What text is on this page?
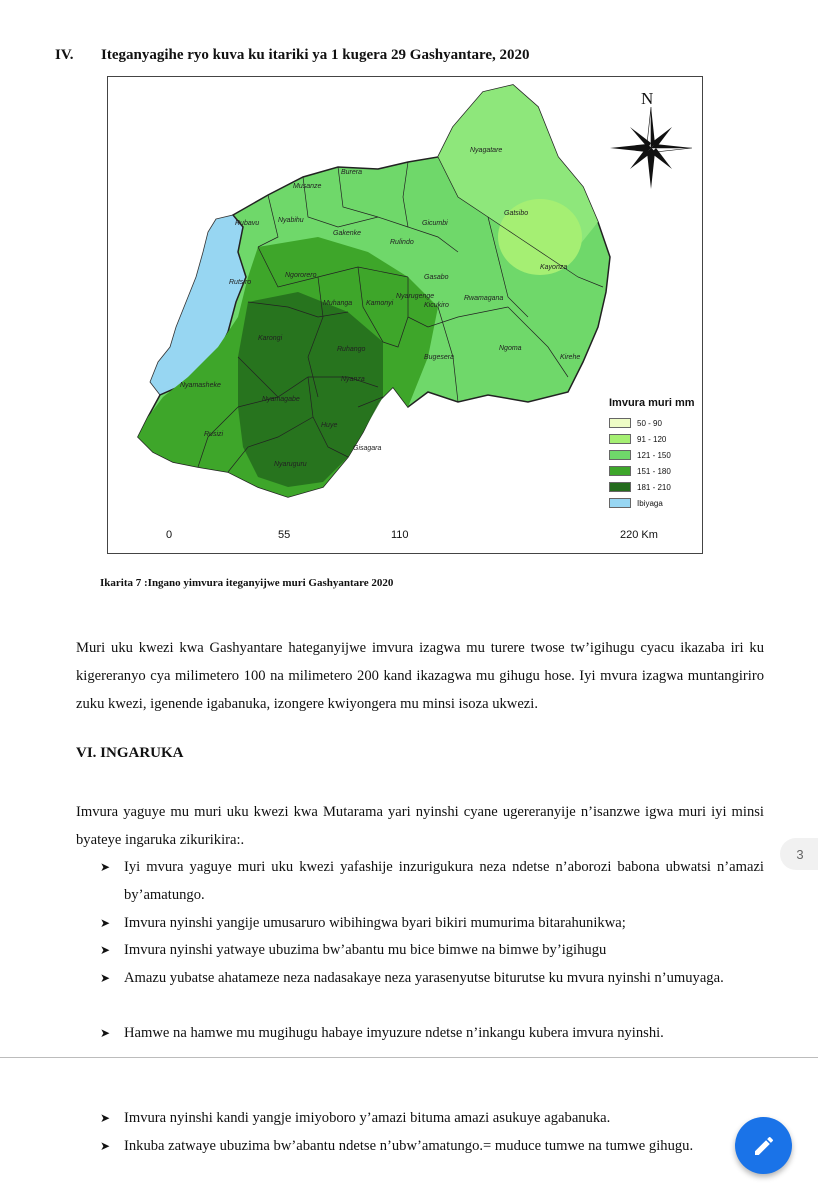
IV. Iteganyagihe ryo kuva ku itariki ya 1 kugera 29 Gashyantare, 2020
Nyagatare
Burera
Musanze
Gatsibo
Rubavu	Nyabihu
Gakenke
Gicumbi
Rulindo
Kayonza
Ngororero	Gasabo
Rutsiro
Muhanga Kamonyi
Nyarugenge
Kicukiro
Rwamagana
Karongi
Ngoma
Ruhango
Bugesera	Kirehe
Nyamasheke
Nyanza
Nyamagabe
Huye
Rusizi
Gisagara
Nyaruguru
N
Imvura muri mm
50 - 90
91 - 120
121 - 150
151 - 180
181 - 210
Ibiyaga
0	55	110	220 Km
Ikarita 7 :Ingano yimvura iteganyijwe muri Gashyantare 2020
Muri uku kwezi kwa Gashyantare hateganyijwe imvura izagwa mu turere twose tw’igihugu cyacu ikazaba iri ku kigereranyo cya milimetero 100 na milimetero 200 kand ikazagwa mu gihugu hose. Iyi mvura izagwa muntangiriro zuku kwezi, igenende igabanuka, izongere kwiyongera mu minsi isoza ukwezi.
VI. INGARUKA
Imvura yaguye mu muri uku kwezi kwa Mutarama yari nyinshi cyane ugereranyije n’isanzwe igwa muri iyi minsi byateye ingaruka zikurikira:.
➤ Iyi mvura yaguye muri uku kwezi yafashije inzurigukura neza ndetse n’aborozi babona ubwatsi n’amazi by’amatungo.
➤ Imvura nyinshi yangije umusaruro wibihingwa byari bikiri mumurima bitarahunikwa;
➤ Imvura nyinshi yatwaye ubuzima bw’abantu mu bice bimwe na bimwe by’igihugu
➤ Amazu yubatse ahatameze neza nadasakaye neza yarasenyutse biturutse ku mvura nyinshi n’umuyaga.
➤ Hamwe na hamwe mu mugihugu habaye imyuzure ndetse n’inkangu kubera imvura nyinshi.
➤ Imvura nyinshi kandi yangje imiyoboro y’amazi bituma amazi asukuye agabanuka.
➤ Inkuba zatwaye ubuzima bw’abantu ndetse n’ubw’amatungo.= muduce tumwe na tumwe gihugu.
3
